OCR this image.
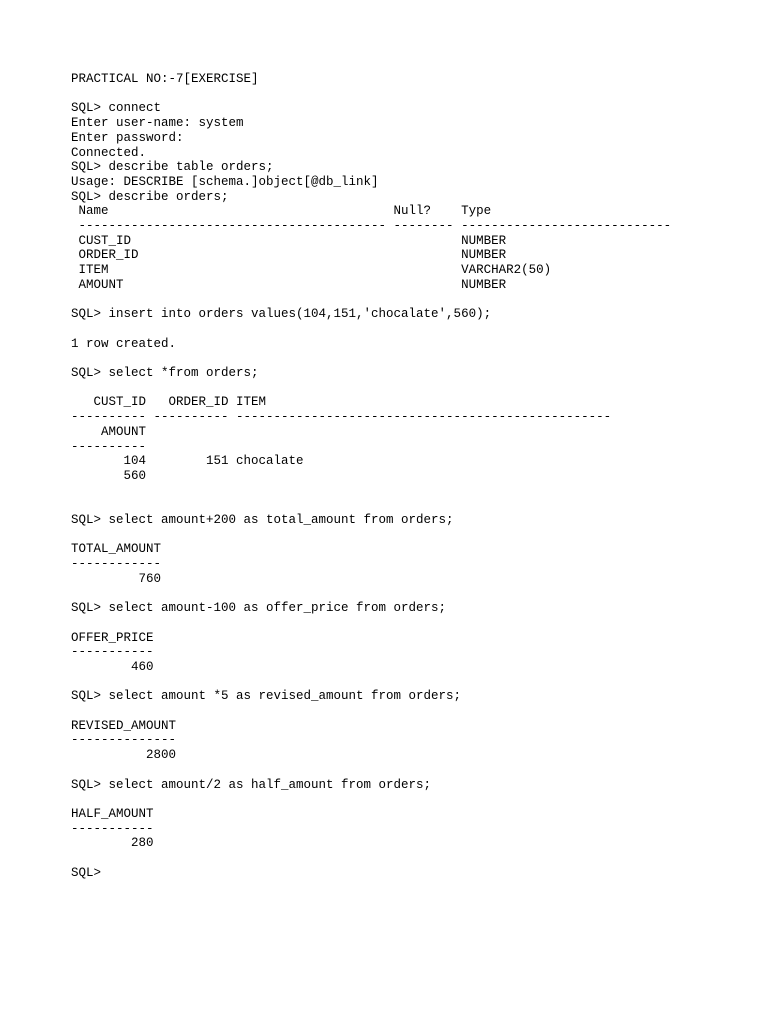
PRACTICAL NO:-7[EXERCISE]
SQL> connect
Enter user-name: system
Enter password:
Connected.
SQL> describe table orders;
Usage: DESCRIBE [schema.]object[@db_link]
SQL> describe orders;
Name                                      Null?    Type
----------------------------------------- -------- ----------------------------
CUST_ID                                            NUMBER
ORDER_ID                                           NUMBER
ITEM                                               VARCHAR2(50)
AMOUNT                                             NUMBER
SQL> insert into orders values(104,151,'chocalate',560);
1 row created.
SQL> select *from orders;
CUST_ID   ORDER_ID ITEM
---------- ---------- --------------------------------------------------
AMOUNT
----------
104        151 chocalate
560
SQL> select amount+200 as total_amount from orders;
TOTAL_AMOUNT
------------
760
SQL> select amount-100 as offer_price from orders;
OFFER_PRICE
-----------
460
SQL> select amount *5 as revised_amount from orders;
REVISED_AMOUNT
--------------
2800
SQL> select amount/2 as half_amount from orders;
HALF_AMOUNT
-----------
280
SQL>
